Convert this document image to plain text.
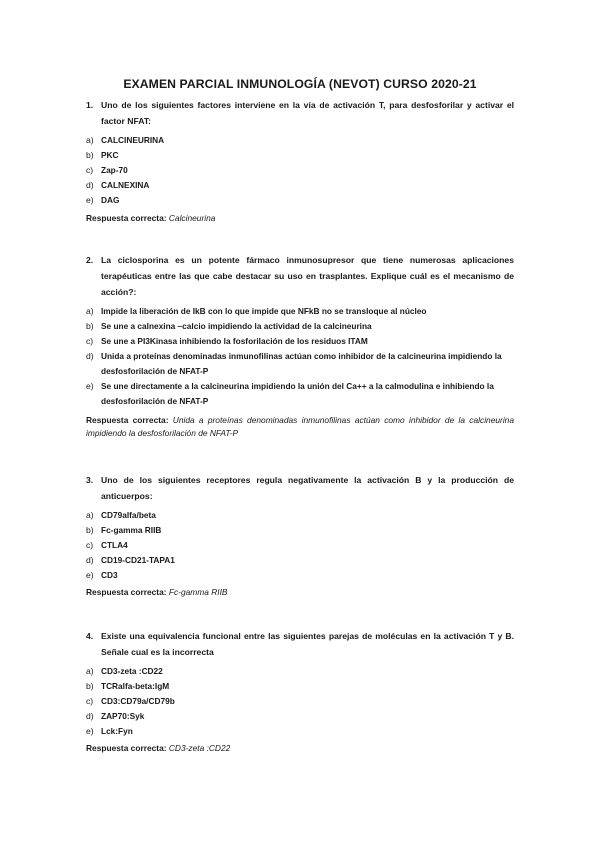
EXAMEN PARCIAL INMUNOLOGÍA (NEVOT) CURSO 2020-21
1. Uno de los siguientes factores interviene en la vía de activación T, para desfosforilar y activar el factor NFAT:
a) CALCINEURINA
b) PKC
c) Zap-70
d) CALNEXINA
e) DAG
Respuesta correcta: Calcineurina
2. La ciclosporina es un potente fármaco inmunosupresor que tiene numerosas aplicaciones terapéuticas entre las que cabe destacar su uso en trasplantes. Explique cuál es el mecanismo de acción?:
a) Impide la liberación de IkB con lo que impide que NFkB no se transloque al núcleo
b) Se une a calnexina –calcio impidiendo la actividad de la calcineurina
c) Se une a PI3Kinasa inhibiendo la fosforilación de los residuos ITAM
d) Unida a proteínas denominadas inmunofilinas actúan como inhibidor de la calcineurina impidiendo la desfosforilación de NFAT-P
e) Se une directamente a la calcineurina impidiendo la unión del Ca++ a la calmodulina e inhibiendo la desfosforilación de NFAT-P
Respuesta correcta: Unida a proteínas denominadas inmunofilinas actúan como inhibidor de la calcineurina impidiendo la desfosforilación de NFAT-P
3. Uno de los siguientes receptores regula negativamente la activación B y la producción de anticuerpos:
a) CD79alfa/beta
b) Fc-gamma RIIB
c) CTLA4
d) CD19-CD21-TAPA1
e) CD3
Respuesta correcta: Fc-gamma RIIB
4. Existe una equivalencia funcional entre las siguientes parejas de moléculas en la activación T y B. Señale cual es la incorrecta
a) CD3-zeta :CD22
b) TCRalfa-beta:IgM
c) CD3:CD79a/CD79b
d) ZAP70:Syk
e) Lck:Fyn
Respuesta correcta: CD3-zeta :CD22
